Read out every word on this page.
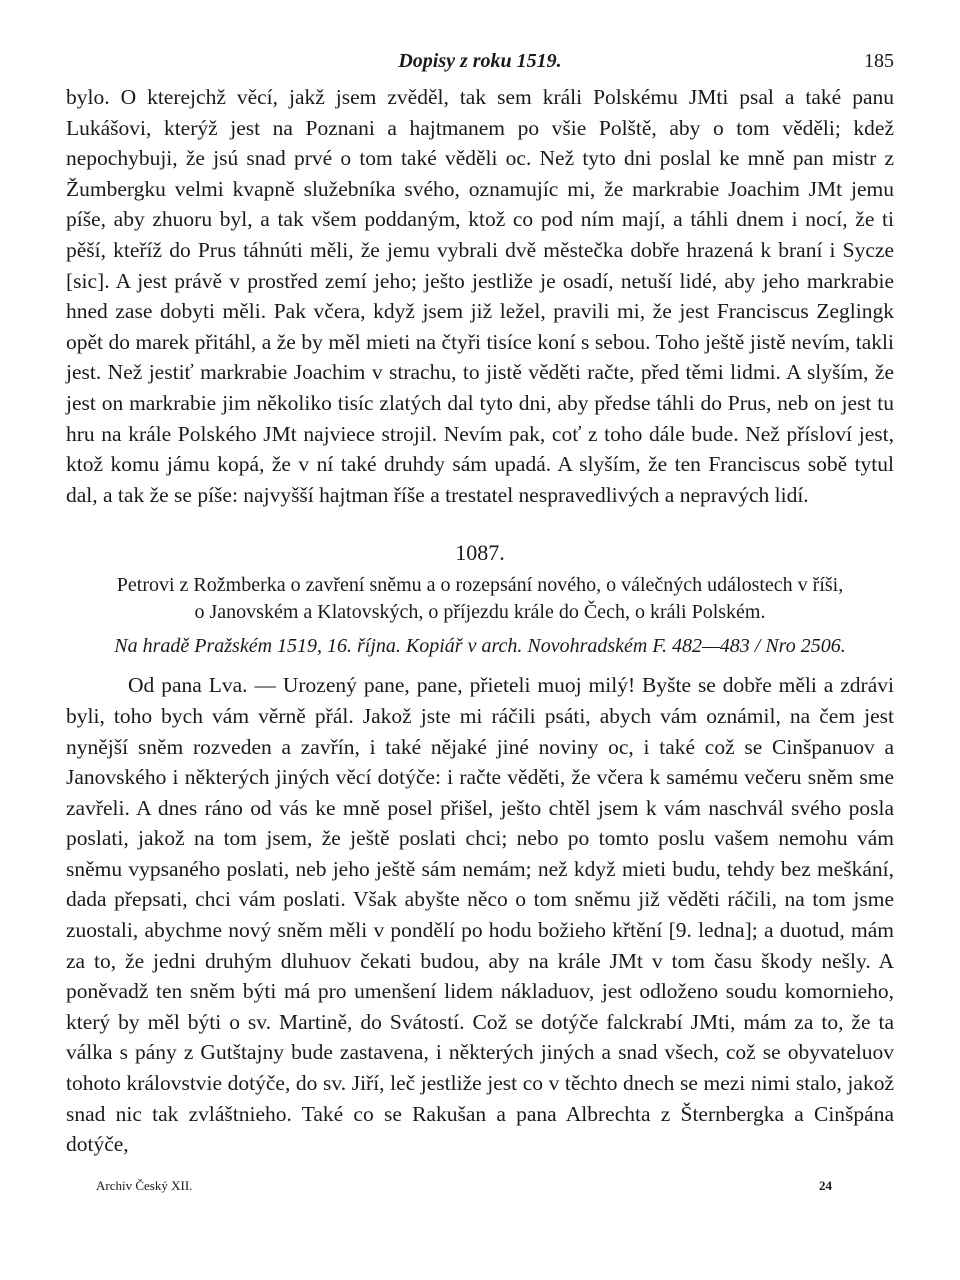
Dopisy z roku 1519.	185

bylo. O kterejchž věcí, jakž jsem zvěděl, tak sem králi Polskému JMti psal a také panu Lukášovi, kterýž jest na Poznani a hajtmanem po všie Polště, aby o tom věděli; kdež nepochybuji, že jsú snad prvé o tom také věděli oc. Než tyto dni poslal ke mně pan mistr z Žumbergku velmi kvapně služebníka svého, oznamujíc mi, že markrabie Joachim JMt jemu píše, aby zhuoru byl, a tak všem poddaným, ktož co pod ním mají, a táhli dnem i nocí, že ti pěší, kteříž do Prus táhnúti měli, že jemu vybrali dvě městečka dobře hrazená k braní i Sycze [sic]. A jest právě v prostřed zemí jeho; ješto jestliže je osadí, netuší lidé, aby jeho markrabie hned zase dobyti měli. Pak včera, když jsem již ležel, pravili mi, že jest Franciscus Zeglingk opět do marek přitáhl, a že by měl mieti na čtyři tisíce koní s sebou. Toho ještě jistě nevím, takli jest. Než jestiť markrabie Joachim v strachu, to jistě věděti račte, před těmi lidmi. A slyším, že jest on markrabie jim několiko tisíc zlatých dal tyto dni, aby předse táhli do Prus, neb on jest tu hru na krále Polského JMt najviece strojil. Nevím pak, coť z toho dále bude. Než přísloví jest, ktož komu jámu kopá, že v ní také druhdy sám upadá. A slyším, že ten Franciscus sobě tytul dal, a tak že se píše: najvyšší hajtman říše a trestatel nespravedlivých a nepravých lidí.

1087.
Petrovi z Rožmberka o zavření sněmu a o rozepsání nového, o válečných událostech v říši,
o Janovském a Klatovských, o příjezdu krále do Čech, o králi Polském.
Na hradě Pražském 1519, 16. října. Kopiář v arch. Novohradském F. 482—483 / Nro 2506.

Od pana Lva. — Urozený pane, pane, přieteli muoj milý! Byšte se dobře měli a zdrávi byli, toho bych vám věrně přál. Jakož jste mi ráčili psáti, abych vám oznámil, na čem jest nynější sněm rozveden a zavřín, i také nějaké jiné noviny oc, i také což se Cinšpanuov a Janovského i některých jiných věcí dotýče: i račte věděti, že včera k samému večeru sněm sme zavřeli. A dnes ráno od vás ke mně posel přišel, ješto chtěl jsem k vám naschvál svého posla poslati, jakož na tom jsem, že ještě poslati chci; nebo po tomto poslu vašem nemohu vám sněmu vypsaného poslati, neb jeho ještě sám nemám; než když mieti budu, tehdy bez meškání, dada přepsati, chci vám poslati. Však abyšte něco o tom sněmu již věděti ráčili, na tom jsme zuostali, abychme nový sněm měli v pondělí po hodu božieho křtění [9. ledna]; a duotud, mám za to, že jedni druhým dluhuov čekati budou, aby na krále JMt v tom času škody nešly. A poněvadž ten sněm býti má pro umenšení lidem nákladuov, jest odloženo soudu komornieho, který by měl býti o sv. Martině, do Svátostí. Což se dotýče falckrabí JMti, mám za to, že ta válka s pány z Gutštajny bude zastavena, i některých jiných a snad všech, což se obyvateluov tohoto královstvie dotýče, do sv. Jiří, leč jestliže jest co v těchto dnech se mezi nimi stalo, jakož snad nic tak zvláštnieho. Také co se Rakušan a pana Albrechta z Šternbergka a Cinšpána dotýče,

Archiv Český XII.	24
